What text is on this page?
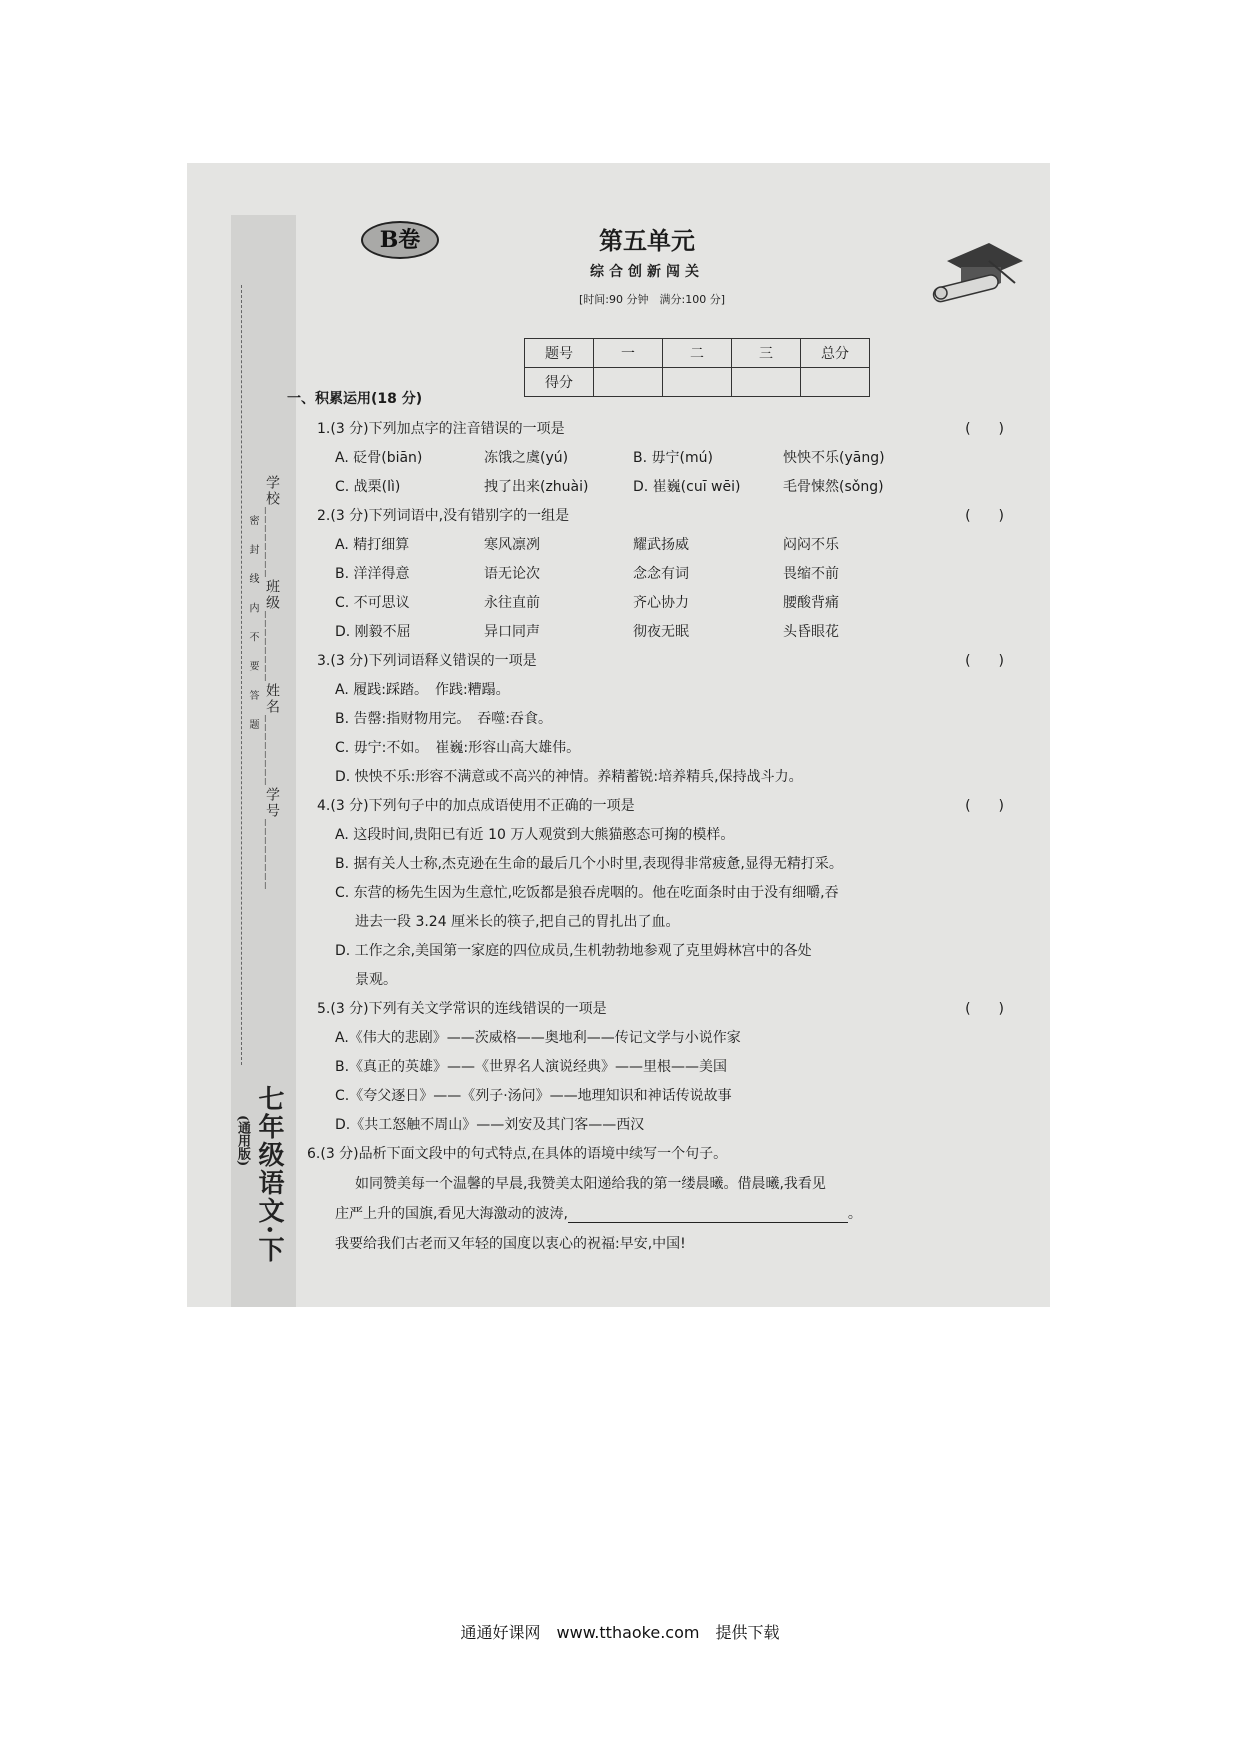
学校________班级________姓名________学号________
密 封 线 内 不 要 答 题
七年级语文·下
(通用版)
B卷	第五单元
综合创新闯关
[时间:90 分钟　满分:100 分]
题号	一	二	三	总分
得分				
一、积累运用(18 分)
1.(3 分)下列加点字的注音错误的一项是	(　　)
A. 砭骨(biān)	冻饿之虞(yú)	B. 毋宁(mú)	怏怏不乐(yāng)
C. 战栗(lì)	拽了出来(zhuài)	D. 崔巍(cuī wēi)	毛骨悚然(sǒng)
2.(3 分)下列词语中,没有错别字的一组是	(　　)
A. 精打细算	寒风凛冽	耀武扬威	闷闷不乐
B. 洋洋得意	语无论次	念念有词	畏缩不前
C. 不可思议	永往直前	齐心协力	腰酸背痛
D. 刚毅不屈	异口同声	彻夜无眠	头昏眼花
3.(3 分)下列词语释义错误的一项是	(　　)
A. 履践:踩踏。　作践:糟蹋。
B. 告罄:指财物用完。　吞噬:吞食。
C. 毋宁:不如。　崔巍:形容山高大雄伟。
D. 怏怏不乐:形容不满意或不高兴的神情。养精蓄锐:培养精兵,保持战斗力。
4.(3 分)下列句子中的加点成语使用不正确的一项是	(　　)
A. 这段时间,贵阳已有近 10 万人观赏到大熊猫憨态可掬的模样。
B. 据有关人士称,杰克逊在生命的最后几个小时里,表现得非常疲惫,显得无精打采。
C. 东营的杨先生因为生意忙,吃饭都是狼吞虎咽的。他在吃面条时由于没有细嚼,吞
进去一段 3.24 厘米长的筷子,把自己的胃扎出了血。
D. 工作之余,美国第一家庭的四位成员,生机勃勃地参观了克里姆林宫中的各处
景观。
5.(3 分)下列有关文学常识的连线错误的一项是	(　　)
A.《伟大的悲剧》——茨威格——奥地利——传记文学与小说作家
B.《真正的英雄》——《世界名人演说经典》——里根——美国
C.《夸父逐日》——《列子·汤问》——地理知识和神话传说故事
D.《共工怒触不周山》——刘安及其门客——西汉
6.(3 分)品析下面文段中的句式特点,在具体的语境中续写一个句子。
如同赞美每一个温馨的早晨,我赞美太阳递给我的第一缕晨曦。借晨曦,我看见
庄严上升的国旗,看见大海激动的波涛,	。
我要给我们古老而又年轻的国度以衷心的祝福:早安,中国!
通通好课网　www.tthaoke.com　提供下载
